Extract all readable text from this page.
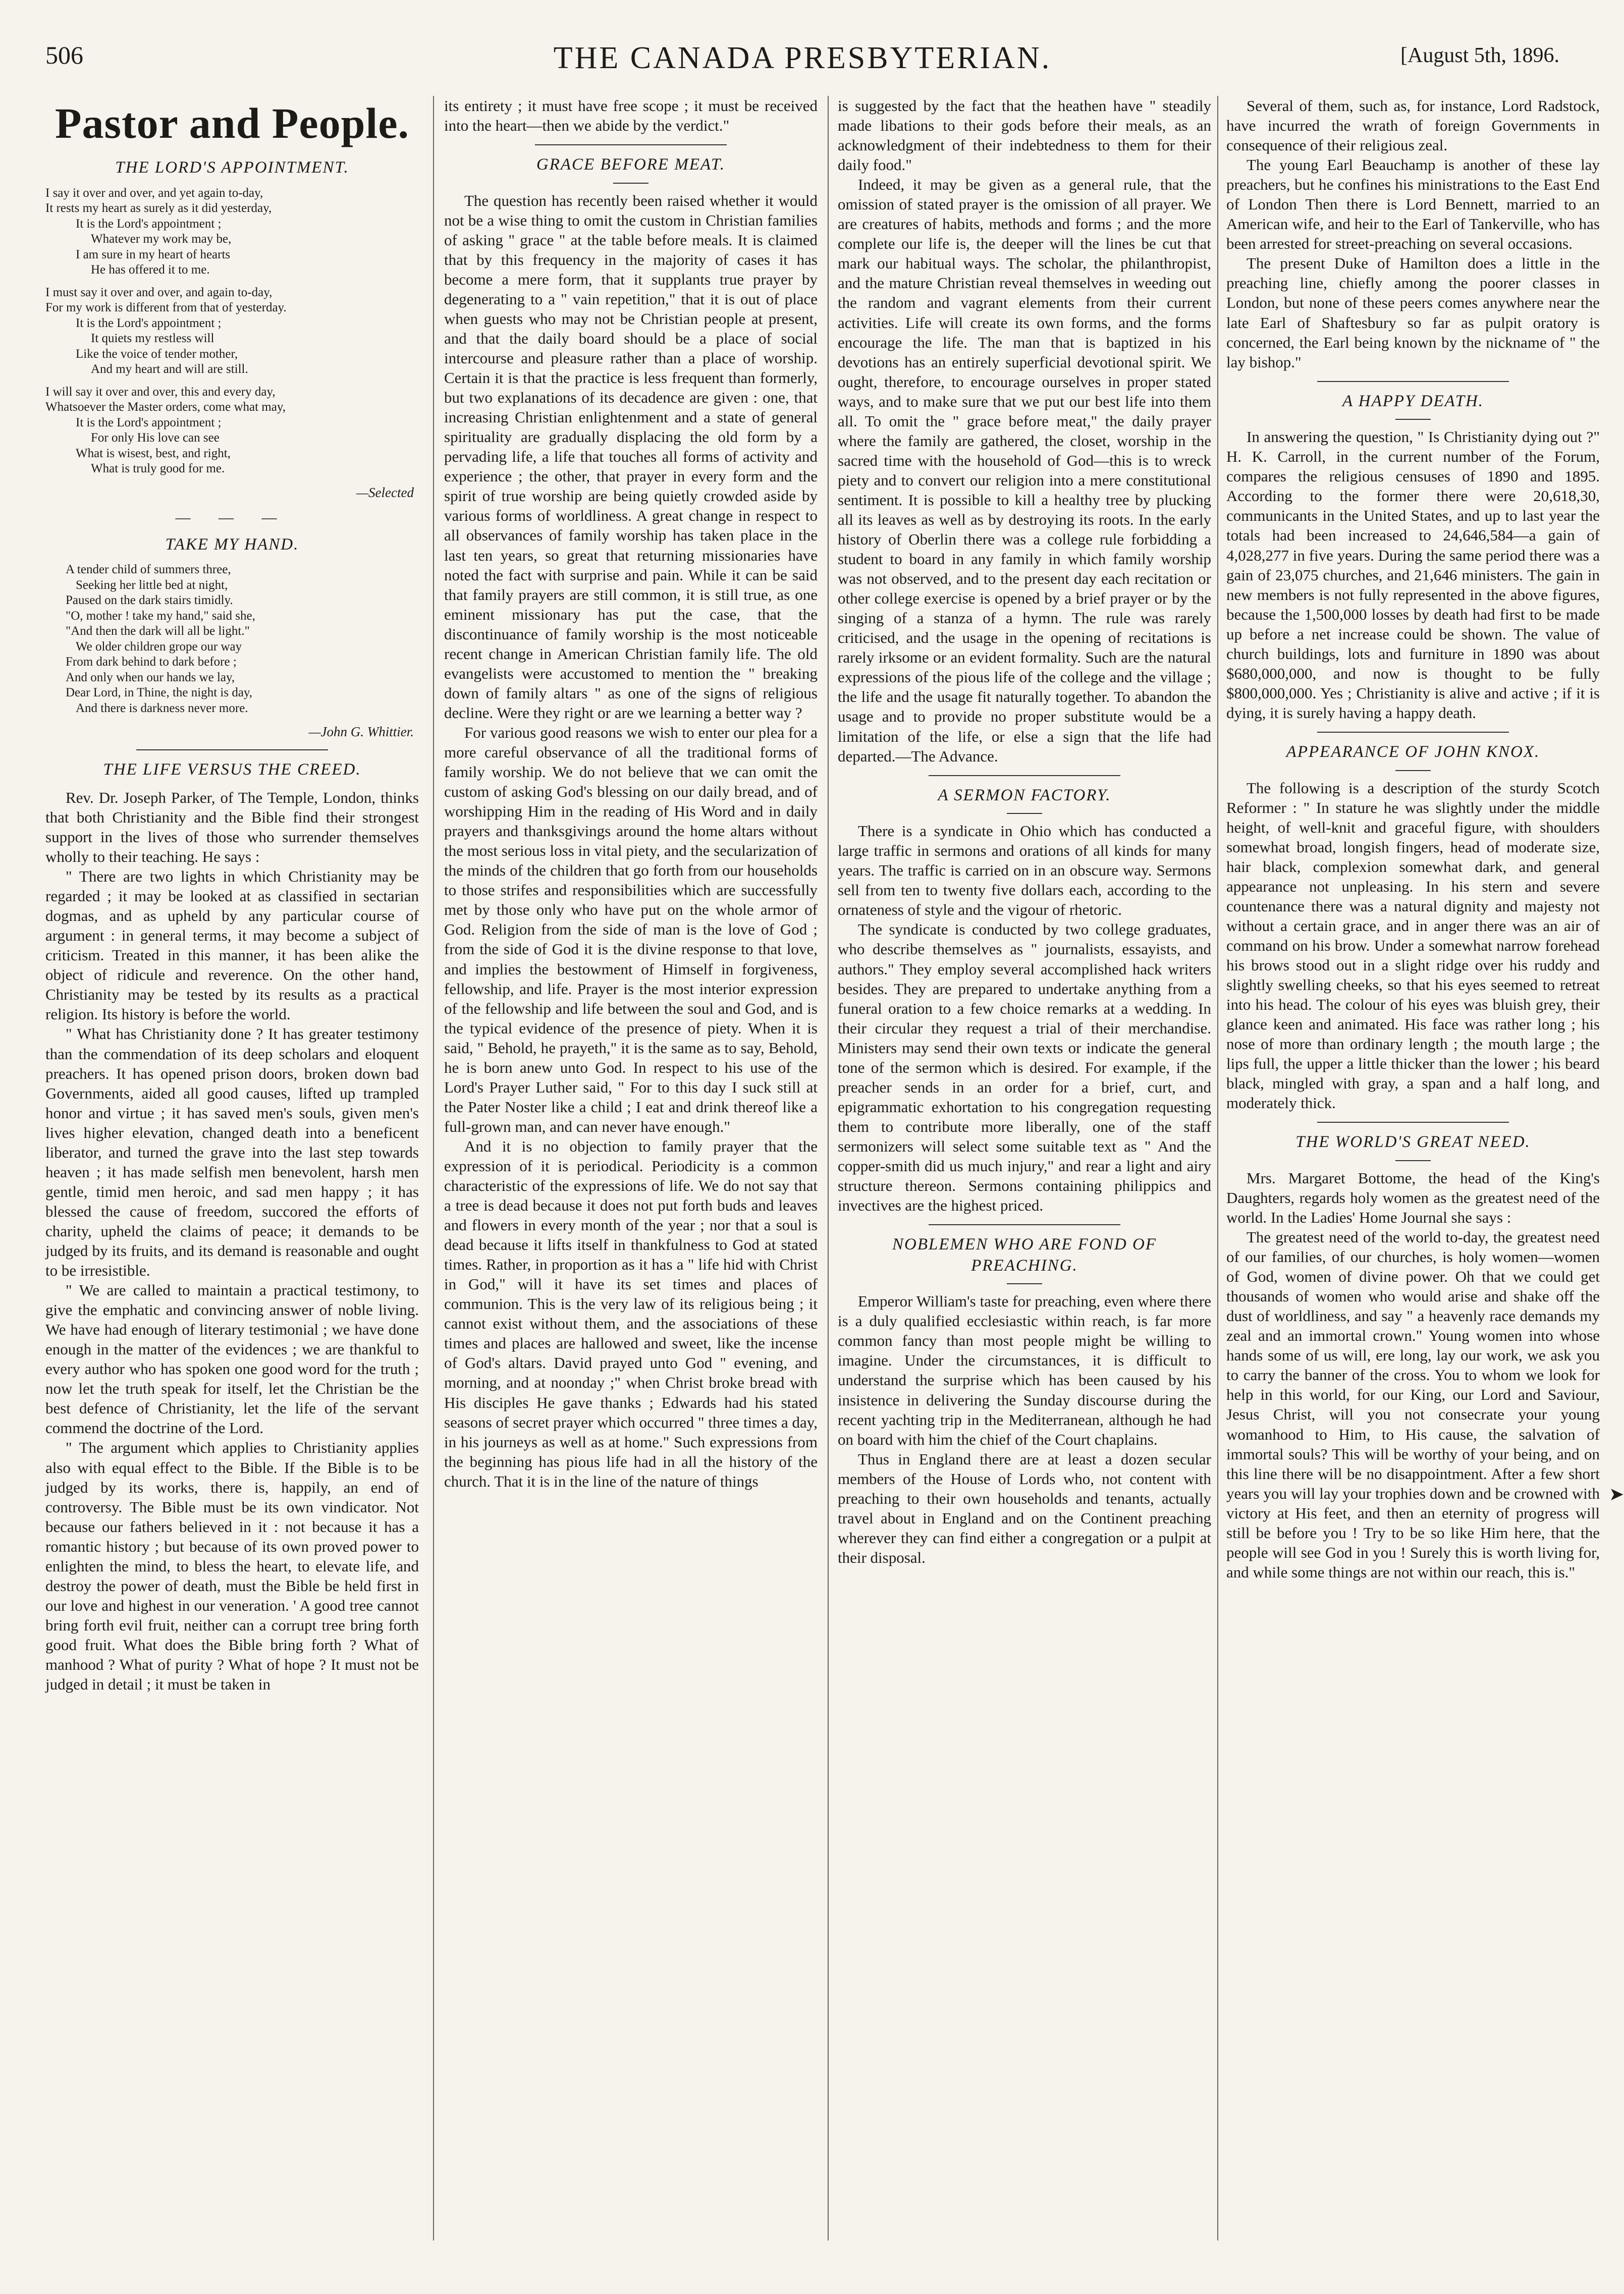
506	THE CANADA PRESBYTERIAN.	[August 5th, 1896.
Pastor and People.
THE LORD'S APPOINTMENT.
I say it over and over, and yet again to-day,
It rests my heart as surely as it did yesterday,
It is the Lord's appointment ;
Whatever my work may be,
I am sure in my heart of hearts
He has offered it to me.
I must say it over and over, and again to-day,
For my work is different from that of yesterday.
It is the Lord's appointment ;
It quiets my restless will
Like the voice of tender mother,
And my heart and will are still.
I will say it over and over, this and every day,
Whatsoever the Master orders, come what may,
It is the Lord's appointment ;
For only His love can see
What is wisest, best, and right,
What is truly good for me.
—Selected
— — —
TAKE MY HAND.
A tender child of summers three,
Seeking her little bed at night,
Paused on the dark stairs timidly.
"O, mother ! take my hand," said she,
"And then the dark will all be light."
We older children grope our way
From dark behind to dark before ;
And only when our hands we lay,
Dear Lord, in Thine, the night is day,
And there is darkness never more.
—John G. Whittier.
THE LIFE VERSUS THE CREED.

Rev. Dr. Joseph Parker, of The Temple, London, thinks that both Christianity and the Bible find their strongest support in the lives of those who surrender themselves wholly to their teaching. He says :

" There are two lights in which Christianity may be regarded ; it may be looked at as classified in sectarian dogmas, and as upheld by any particular course of argument : in general terms, it may become a subject of criticism. Treated in this manner, it has been alike the object of ridicule and reverence. On the other hand, Christianity may be tested by its results as a practical religion. Its history is before the world.

" What has Christianity done ? It has greater testimony than the commendation of its deep scholars and eloquent preachers. It has opened prison doors, broken down bad Governments, aided all good causes, lifted up trampled honor and virtue ; it has saved men's souls, given men's lives higher elevation, changed death into a beneficent liberator, and turned the grave into the last step towards heaven ; it has made selfish men benevolent, harsh men gentle, timid men heroic, and sad men happy ; it has blessed the cause of freedom, succored the efforts of charity, upheld the claims of peace; it demands to be judged by its fruits, and its demand is reasonable and ought to be irresistible.

" We are called to maintain a practical testimony, to give the emphatic and convincing answer of noble living. We have had enough of literary testimonial ; we have done enough in the matter of the evidences ; we are thankful to every author who has spoken one good word for the truth ; now let the truth speak for itself, let the Christian be the best defence of Christianity, let the life of the servant commend the doctrine of the Lord.

" The argument which applies to Christianity applies also with equal effect to the Bible. If the Bible is to be judged by its works, there is, happily, an end of controversy. The Bible must be its own vindicator. Not because our fathers believed in it : not because it has a romantic history ; but because of its own proved power to enlighten the mind, to bless the heart, to elevate life, and destroy the power of death, must the Bible be held first in our love and highest in our veneration. ' A good tree cannot bring forth evil fruit, neither can a corrupt tree bring forth good fruit. What does the Bible bring forth ? What of manhood ? What of purity ? What of hope ? It must not be judged in detail ; it must be taken in

its entirety ; it must have free scope ; it must be received into the heart—then we abide by the verdict."

GRACE BEFORE MEAT.

The question has recently been raised whether it would not be a wise thing to omit the custom in Christian families of asking " grace " at the table before meals. It is claimed that by this frequency in the majority of cases it has become a mere form, that it supplants true prayer by degenerating to a " vain repetition," that it is out of place when guests who may not be Christian people at present, and that the daily board should be a place of social intercourse and pleasure rather than a place of worship. Certain it is that the practice is less frequent than formerly, but two explanations of its decadence are given : one, that increasing Christian enlightenment and a state of general spirituality are gradually displacing the old form by a pervading life, a life that touches all forms of activity and experience ; the other, that prayer in every form and the spirit of true worship are being quietly crowded aside by various forms of worldliness. A great change in respect to all observances of family worship has taken place in the last ten years, so great that returning missionaries have noted the fact with surprise and pain. While it can be said that family prayers are still common, it is still true, as one eminent missionary has put the case, that the discontinuance of family worship is the most noticeable recent change in American Christian family life. The old evangelists were accustomed to mention the " breaking down of family altars " as one of the signs of religious decline. Were they right or are we learning a better way ?

For various good reasons we wish to enter our plea for a more careful observance of all the traditional forms of family worship. We do not believe that we can omit the custom of asking God's blessing on our daily bread, and of worshipping Him in the reading of His Word and in daily prayers and thanksgivings around the home altars without the most serious loss in vital piety, and the secularization of the minds of the children that go forth from our households to those strifes and responsibilities which are successfully met by those only who have put on the whole armor of God. Religion from the side of man is the love of God ; from the side of God it is the divine response to that love, and implies the bestowment of Himself in forgiveness, fellowship, and life. Prayer is the most interior expression of the fellowship and life between the soul and God, and is the typical evidence of the presence of piety. When it is said, " Behold, he prayeth," it is the same as to say, Behold, he is born anew unto God. In respect to his use of the Lord's Prayer Luther said, " For to this day I suck still at the Pater Noster like a child ; I eat and drink thereof like a full-grown man, and can never have enough."

And it is no objection to family prayer that the expression of it is periodical. Periodicity is a common characteristic of the expressions of life. We do not say that a tree is dead because it does not put forth buds and leaves and flowers in every month of the year ; nor that a soul is dead because it lifts itself in thankfulness to God at stated times. Rather, in proportion as it has a " life hid with Christ in God," will it have its set times and places of communion. This is the very law of its religious being ; it cannot exist without them, and the associations of these times and places are hallowed and sweet, like the incense of God's altars. David prayed unto God " evening, and morning, and at noonday ;" when Christ broke bread with His disciples He gave thanks ; Edwards had his stated seasons of secret prayer which occurred " three times a day, in his journeys as well as at home." Such expressions from the beginning has pious life had in all the history of the church. That it is in the line of the nature of things

is suggested by the fact that the heathen have " steadily made libations to their gods before their meals, as an acknowledgment of their indebtedness to them for their daily food."

Indeed, it may be given as a general rule, that the omission of stated prayer is the omission of all prayer. We are creatures of habits, methods and forms ; and the more complete our life is, the deeper will the lines be cut that mark our habitual ways. The scholar, the philanthropist, and the mature Christian reveal themselves in weeding out the random and vagrant elements from their current activities. Life will create its own forms, and the forms encourage the life. The man that is baptized in his devotions has an entirely superficial devotional spirit. We ought, therefore, to encourage ourselves in proper stated ways, and to make sure that we put our best life into them all. To omit the " grace before meat," the daily prayer where the family are gathered, the closet, worship in the sacred time with the household of God—this is to wreck piety and to convert our religion into a mere constitutional sentiment. It is possible to kill a healthy tree by plucking all its leaves as well as by destroying its roots. In the early history of Oberlin there was a college rule forbidding a student to board in any family in which family worship was not observed, and to the present day each recitation or other college exercise is opened by a brief prayer or by the singing of a stanza of a hymn. The rule was rarely criticised, and the usage in the opening of recitations is rarely irksome or an evident formality. Such are the natural expressions of the pious life of the college and the village ; the life and the usage fit naturally together. To abandon the usage and to provide no proper substitute would be a limitation of the life, or else a sign that the life had departed.—The Advance.

A SERMON FACTORY.

There is a syndicate in Ohio which has conducted a large traffic in sermons and orations of all kinds for many years. The traffic is carried on in an obscure way. Sermons sell from ten to twenty five dollars each, according to the ornateness of style and the vigour of rhetoric.

The syndicate is conducted by two college graduates, who describe themselves as " journalists, essayists, and authors." They employ several accomplished hack writers besides. They are prepared to undertake anything from a funeral oration to a few choice remarks at a wedding. In their circular they request a trial of their merchandise. Ministers may send their own texts or indicate the general tone of the sermon which is desired. For example, if the preacher sends in an order for a brief, curt, and epigrammatic exhortation to his congregation requesting them to contribute more liberally, one of the staff sermonizers will select some suitable text as " And the copper-smith did us much injury," and rear a light and airy structure thereon. Sermons containing philippics and invectives are the highest priced.

NOBLEMEN WHO ARE FOND OF PREACHING.

Emperor William's taste for preaching, even where there is a duly qualified ecclesiastic within reach, is far more common fancy than most people might be willing to imagine. Under the circumstances, it is difficult to understand the surprise which has been caused by his insistence in delivering the Sunday discourse during the recent yachting trip in the Mediterranean, although he had on board with him the chief of the Court chaplains.

Thus in England there are at least a dozen secular members of the House of Lords who, not content with preaching to their own households and tenants, actually travel about in England and on the Continent preaching wherever they can find either a congregation or a pulpit at their disposal.

Several of them, such as, for instance, Lord Radstock, have incurred the wrath of foreign Governments in consequence of their religious zeal.

The young Earl Beauchamp is another of these lay preachers, but he confines his ministrations to the East End of London Then there is Lord Bennett, married to an American wife, and heir to the Earl of Tankerville, who has been arrested for street-preaching on several occasions.

The present Duke of Hamilton does a little in the preaching line, chiefly among the poorer classes in London, but none of these peers comes anywhere near the late Earl of Shaftesbury so far as pulpit oratory is concerned, the Earl being known by the nickname of " the lay bishop."

A HAPPY DEATH.

In answering the question, " Is Christianity dying out ?" H. K. Carroll, in the current number of the Forum, compares the religious censuses of 1890 and 1895. According to the former there were 20,618,30, communicants in the United States, and up to last year the totals had been increased to 24,646,584—a gain of 4,028,277 in five years. During the same period there was a gain of 23,075 churches, and 21,646 ministers. The gain in new members is not fully represented in the above figures, because the 1,500,000 losses by death had first to be made up before a net increase could be shown. The value of church buildings, lots and furniture in 1890 was about $680,000,000, and now is thought to be fully $800,000,000. Yes ; Christianity is alive and active ; if it is dying, it is surely having a happy death.

APPEARANCE OF JOHN KNOX.

The following is a description of the sturdy Scotch Reformer : " In stature he was slightly under the middle height, of well-knit and graceful figure, with shoulders somewhat broad, longish fingers, head of moderate size, hair black, complexion somewhat dark, and general appearance not unpleasing. In his stern and severe countenance there was a natural dignity and majesty not without a certain grace, and in anger there was an air of command on his brow. Under a somewhat narrow forehead his brows stood out in a slight ridge over his ruddy and slightly swelling cheeks, so that his eyes seemed to retreat into his head. The colour of his eyes was bluish grey, their glance keen and animated. His face was rather long ; his nose of more than ordinary length ; the mouth large ; the lips full, the upper a little thicker than the lower ; his beard black, mingled with gray, a span and a half long, and moderately thick.

THE WORLD'S GREAT NEED.

Mrs. Margaret Bottome, the head of the King's Daughters, regards holy women as the greatest need of the world. In the Ladies' Home Journal she says :

The greatest need of the world to-day, the greatest need of our families, of our churches, is holy women—women of God, women of divine power. Oh that we could get thousands of women who would arise and shake off the dust of worldliness, and say " a heavenly race demands my zeal and an immortal crown." Young women into whose hands some of us will, ere long, lay our work, we ask you to carry the banner of the cross. You to whom we look for help in this world, for our King, our Lord and Saviour, Jesus Christ, will you not consecrate your young womanhood to Him, to His cause, the salvation of immortal souls? This will be worthy of your being, and on this line there will be no disappointment. After a few short years you will lay your trophies down and be crowned with victory at His feet, and then an eternity of progress will still be before you ! Try to be so like Him here, that the people will see God in you ! Surely this is worth living for, and while some things are not within our reach, this is."

➤
